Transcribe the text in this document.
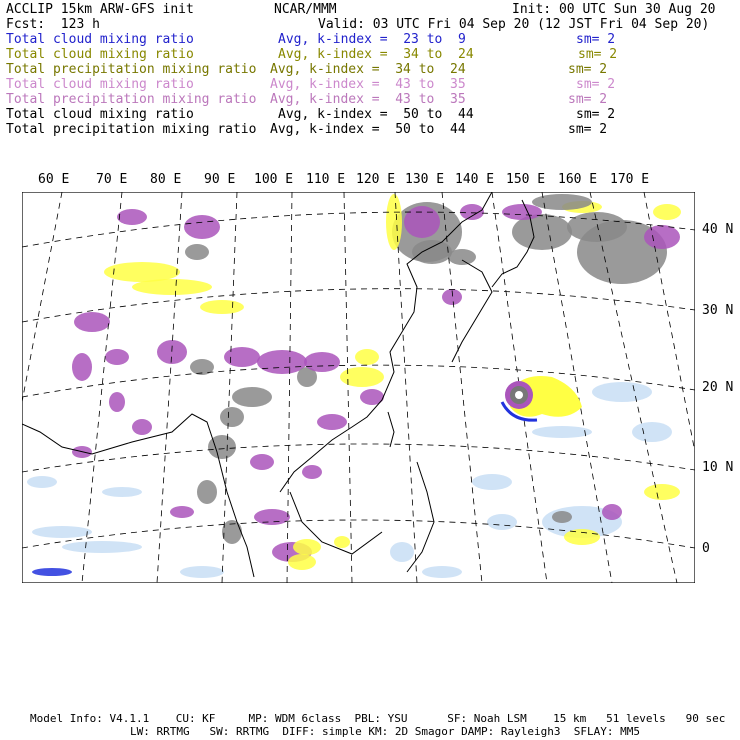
ACCLIP 15km ARW-GFS init	NCAR/MMM	Init: 00 UTC Sun 30 Aug 20
Fcst:  123 h	Valid: 03 UTC Fri 04 Sep 20 (12 JST Fri 04 Sep 20)
Total cloud mixing ratio	Avg, k-index =  23 to  9	sm= 2
Total cloud mixing ratio	Avg, k-index =  34 to  24	sm= 2
Total precipitation mixing ratio Avg, k-index =  34 to  24	sm= 2
Total cloud mixing ratio	Avg, k-index =  43 to  35	sm= 2
Total precipitation mixing ratio Avg, k-index =  43 to  35	sm= 2
Total cloud mixing ratio	Avg, k-index =  50 to  44	sm= 2
Total precipitation mixing ratio Avg, k-index =  50 to  44	sm= 2
60 E 70 E 80 E 90 E 100 E 110 E 120 E 130 E 140 E 150 E 160 E 170 E
40 N
30 N
20 N
10 N
0
Model Info: V4.1.1    CU: KF     MP: WDM 6class  PBL: YSU      SF: Noah LSM    15 km   51 levels   90 sec
LW: RRTMG   SW: RRTMG  DIFF: simple KM: 2D Smagor DAMP: Rayleigh3  SFLAY: MM5
